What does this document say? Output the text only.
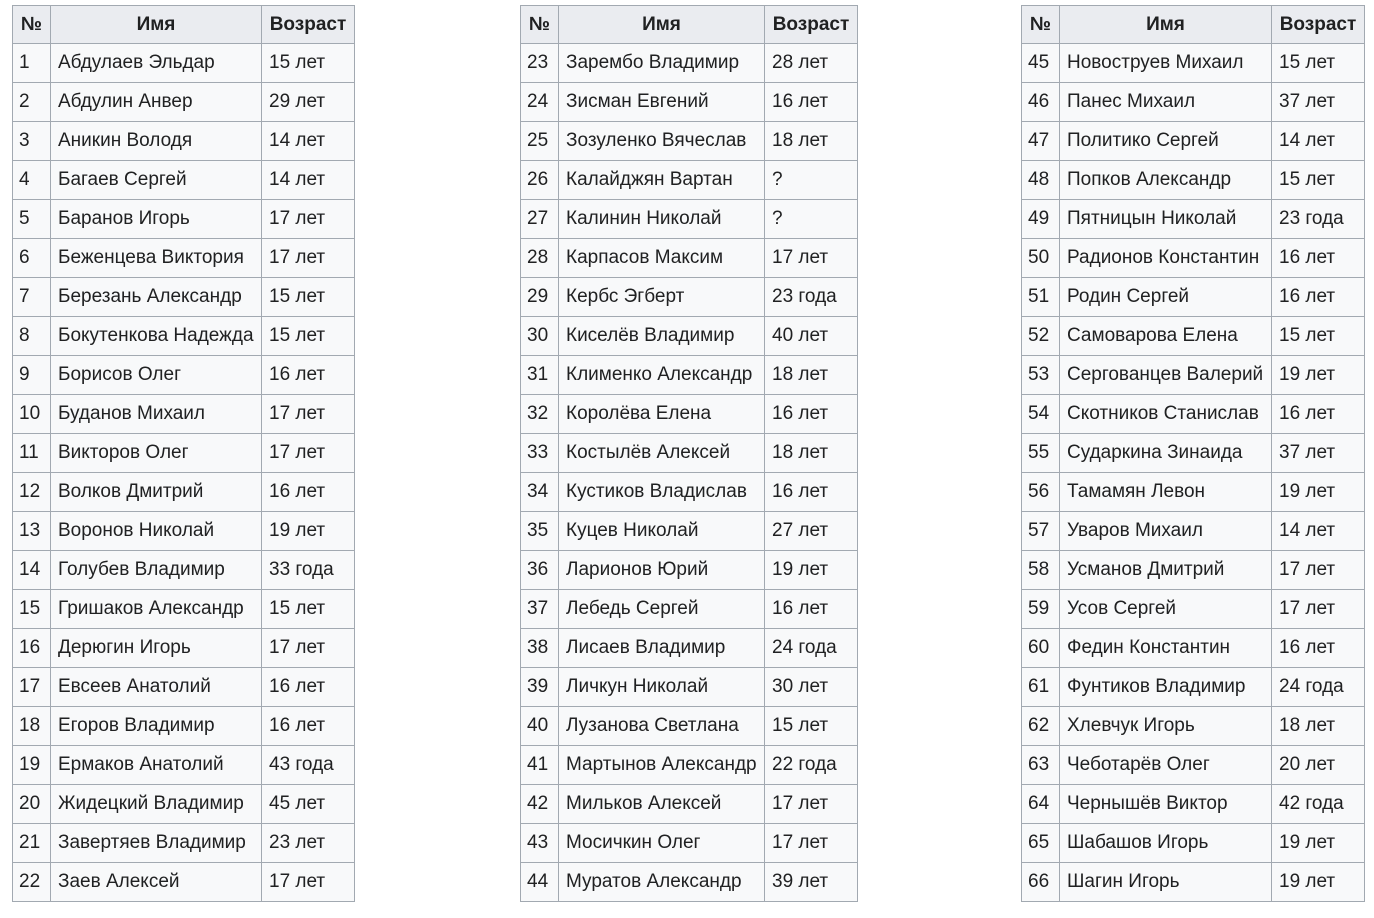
№	Имя	Возраст
1	Абдулаев Эльдар	15 лет
2	Абдулин Анвер	29 лет
3	Аникин Володя	14 лет
4	Багаев Сергей	14 лет
5	Баранов Игорь	17 лет
6	Беженцева Виктория	17 лет
7	Березань Александр	15 лет
8	Бокутенкова Надежда	15 лет
9	Борисов Олег	16 лет
10	Буданов Михаил	17 лет
11	Викторов Олег	17 лет
12	Волков Дмитрий	16 лет
13	Воронов Николай	19 лет
14	Голубев Владимир	33 года
15	Гришаков Александр	15 лет
16	Дерюгин Игорь	17 лет
17	Евсеев Анатолий	16 лет
18	Егоров Владимир	16 лет
19	Ермаков Анатолий	43 года
20	Жидецкий Владимир	45 лет
21	Завертяев Владимир	23 лет
22	Заев Алексей	17 лет
№	Имя	Возраст
23	Зарембо Владимир	28 лет
24	Зисман Евгений	16 лет
25	Зозуленко Вячеслав	18 лет
26	Калайджян Вартан	?
27	Калинин Николай	?
28	Карпасов Максим	17 лет
29	Кербс Эгберт	23 года
30	Киселёв Владимир	40 лет
31	Клименко Александр	18 лет
32	Королёва Елена	16 лет
33	Костылёв Алексей	18 лет
34	Кустиков Владислав	16 лет
35	Куцев Николай	27 лет
36	Ларионов Юрий	19 лет
37	Лебедь Сергей	16 лет
38	Лисаев Владимир	24 года
39	Личкун Николай	30 лет
40	Лузанова Светлана	15 лет
41	Мартынов Александр	22 года
42	Мильков Алексей	17 лет
43	Мосичкин Олег	17 лет
44	Муратов Александр	39 лет
№	Имя	Возраст
45	Новоструев Михаил	15 лет
46	Панес Михаил	37 лет
47	Политико Сергей	14 лет
48	Попков Александр	15 лет
49	Пятницын Николай	23 года
50	Радионов Константин	16 лет
51	Родин Сергей	16 лет
52	Самоварова Елена	15 лет
53	Сергованцев Валерий	19 лет
54	Скотников Станислав	16 лет
55	Сударкина Зинаида	37 лет
56	Тамамян Левон	19 лет
57	Уваров Михаил	14 лет
58	Усманов Дмитрий	17 лет
59	Усов Сергей	17 лет
60	Федин Константин	16 лет
61	Фунтиков Владимир	24 года
62	Хлевчук Игорь	18 лет
63	Чеботарёв Олег	20 лет
64	Чернышёв Виктор	42 года
65	Шабашов Игорь	19 лет
66	Шагин Игорь	19 лет
